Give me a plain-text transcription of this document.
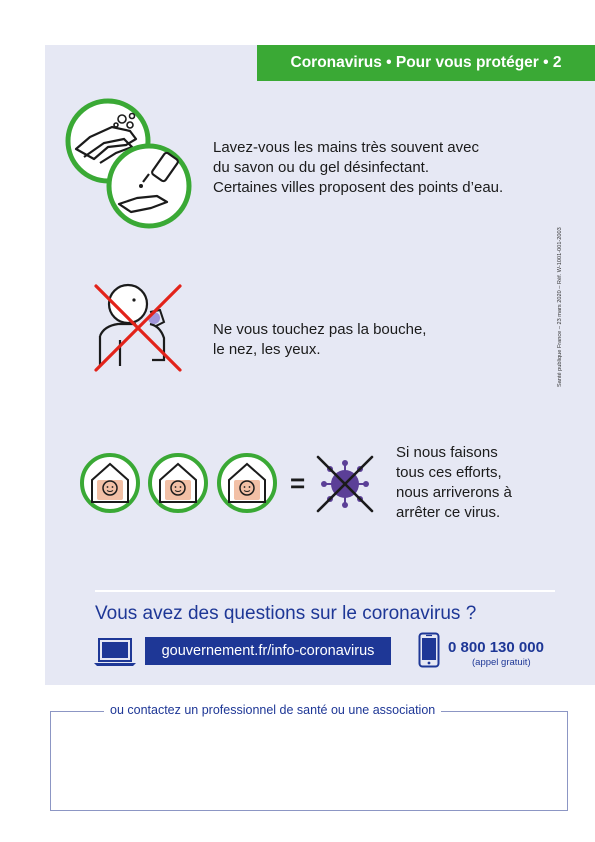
Coronavirus • Pour vous protéger • 2
Lavez-vous les mains très souvent avec
du savon ou du gel désinfectant.
Certaines villes proposent des points d’eau.
Ne vous touchez pas la bouche,
le nez, les yeux.
=
Si nous faisons
tous ces efforts,
nous arriverons à
arrêter ce virus.
Santé publique France – 23 mars 2020 – Réf. W-1001-001-2003
Vous avez des questions sur le coronavirus ?
gouvernement.fr/info-coronavirus	0 800 130 000
(appel gratuit)
ou contactez un professionnel de santé ou une association
